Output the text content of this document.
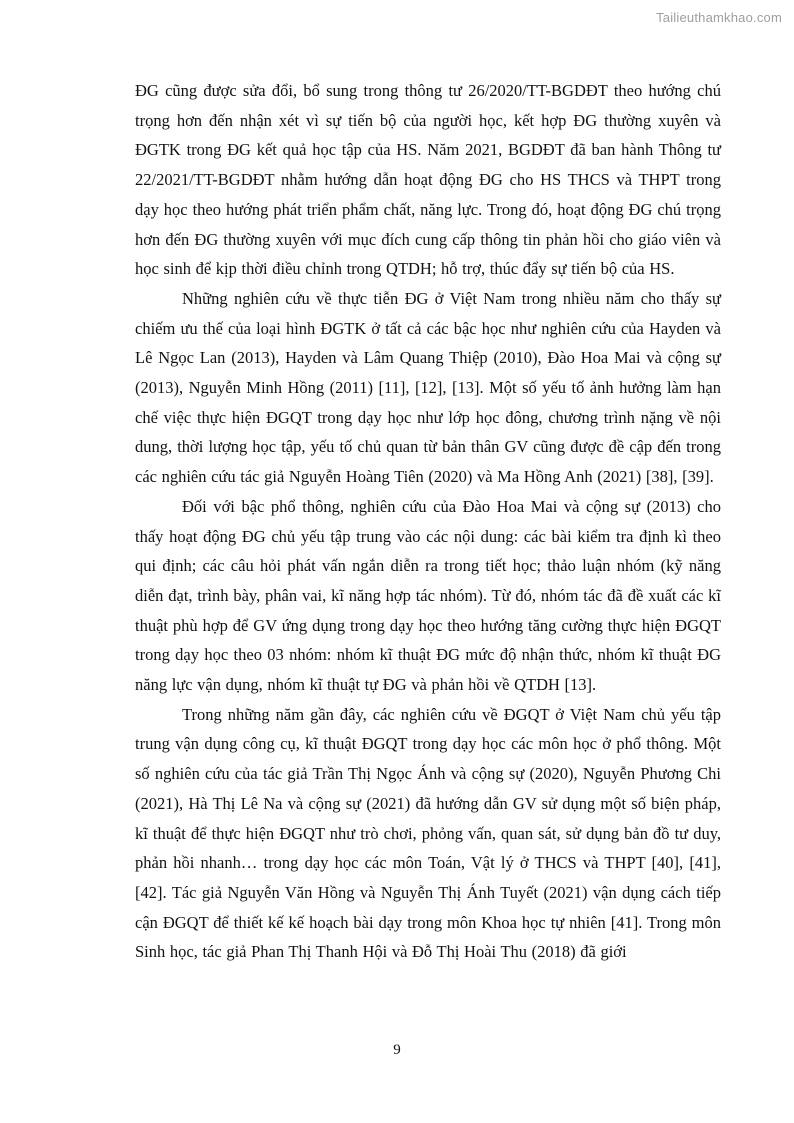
Tailieuthamkhao.com

ĐG cũng được sửa đổi, bổ sung trong thông tư 26/2020/TT-BGDĐT theo hướng chú trọng hơn đến nhận xét vì sự tiến bộ của người học, kết hợp ĐG thường xuyên và ĐGTK trong ĐG kết quả học tập của HS. Năm 2021, BGDĐT đã ban hành Thông tư 22/2021/TT-BGDĐT nhằm hướng dẫn hoạt động ĐG cho HS THCS và THPT trong dạy học theo hướng phát triển phẩm chất, năng lực. Trong đó, hoạt động ĐG chú trọng hơn đến ĐG thường xuyên với mục đích cung cấp thông tin phản hồi cho giáo viên và học sinh để kịp thời điều chỉnh trong QTDH; hỗ trợ, thúc đẩy sự tiến bộ của HS.

Những nghiên cứu về thực tiễn ĐG ở Việt Nam trong nhiều năm cho thấy sự chiếm ưu thế của loại hình ĐGTK ở tất cả các bậc học như nghiên cứu của Hayden và Lê Ngọc Lan (2013), Hayden và Lâm Quang Thiệp (2010), Đào Hoa Mai và cộng sự (2013), Nguyễn Minh Hồng (2011) [11], [12], [13]. Một số yếu tố ảnh hưởng làm hạn chế việc thực hiện ĐGQT trong dạy học như lớp học đông, chương trình nặng về nội dung, thời lượng học tập, yếu tố chủ quan từ bản thân GV cũng được đề cập đến trong các nghiên cứu tác giả Nguyễn Hoàng Tiên (2020) và Ma Hồng Anh (2021) [38], [39].

Đối với bậc phổ thông, nghiên cứu của Đào Hoa Mai và cộng sự (2013) cho thấy hoạt động ĐG chủ yếu tập trung vào các nội dung: các bài kiểm tra định kì theo qui định; các câu hỏi phát vấn ngắn diễn ra trong tiết học; thảo luận nhóm (kỹ năng diễn đạt, trình bày, phân vai, kĩ năng hợp tác nhóm). Từ đó, nhóm tác đã đề xuất các kĩ thuật phù hợp để GV ứng dụng trong dạy học theo hướng tăng cường thực hiện ĐGQT trong dạy học theo 03 nhóm: nhóm kĩ thuật ĐG mức độ nhận thức, nhóm kĩ thuật ĐG năng lực vận dụng, nhóm kĩ thuật tự ĐG và phản hồi về QTDH [13].

Trong những năm gần đây, các nghiên cứu về ĐGQT ở Việt Nam chủ yếu tập trung vận dụng công cụ, kĩ thuật ĐGQT trong dạy học các môn học ở phổ thông. Một số nghiên cứu của tác giả Trần Thị Ngọc Ánh và cộng sự (2020), Nguyễn Phương Chi (2021), Hà Thị Lê Na và cộng sự (2021) đã hướng dẫn GV sử dụng một số biện pháp, kĩ thuật để thực hiện ĐGQT như trò chơi, phỏng vấn, quan sát, sử dụng bản đồ tư duy, phản hồi nhanh… trong dạy học các môn Toán, Vật lý ở THCS và THPT [40], [41], [42]. Tác giả Nguyễn Văn Hồng và Nguyễn Thị Ánh Tuyết (2021) vận dụng cách tiếp cận ĐGQT để thiết kế kế hoạch bài dạy trong môn Khoa học tự nhiên [41]. Trong môn Sinh học, tác giả Phan Thị Thanh Hội và Đỗ Thị Hoài Thu (2018) đã giới

9
